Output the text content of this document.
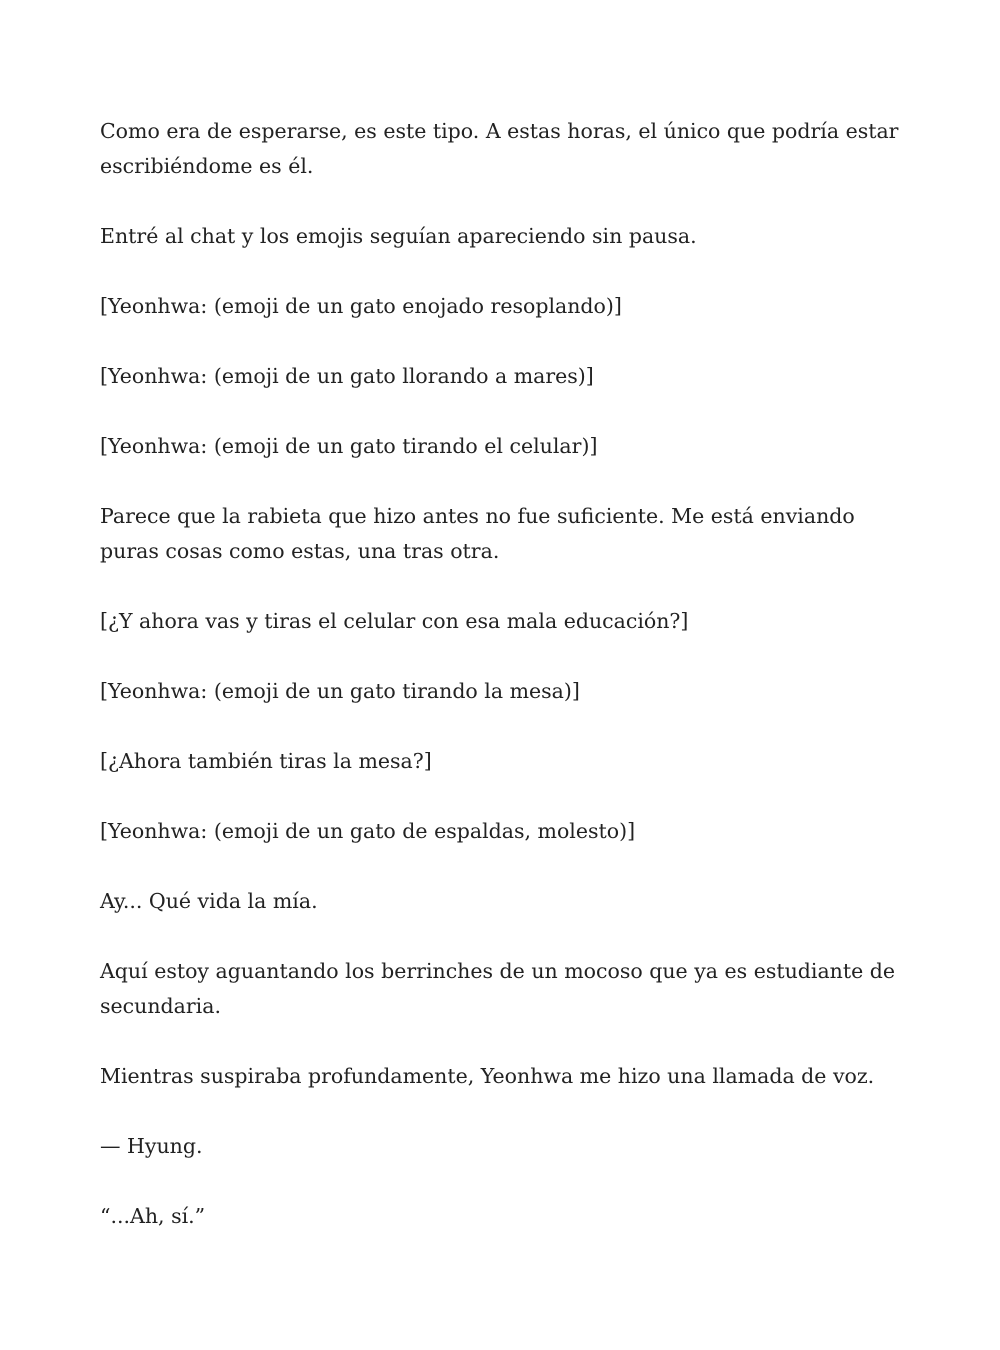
Como era de esperarse, es este tipo. A estas horas, el único que podría estar escribiéndome es él.

Entré al chat y los emojis seguían apareciendo sin pausa.

[Yeonhwa: (emoji de un gato enojado resoplando)]

[Yeonhwa: (emoji de un gato llorando a mares)]

[Yeonhwa: (emoji de un gato tirando el celular)]

Parece que la rabieta que hizo antes no fue suficiente. Me está enviando puras cosas como estas, una tras otra.

[¿Y ahora vas y tiras el celular con esa mala educación?]

[Yeonhwa: (emoji de un gato tirando la mesa)]

[¿Ahora también tiras la mesa?]

[Yeonhwa: (emoji de un gato de espaldas, molesto)]

Ay... Qué vida la mía.

Aquí estoy aguantando los berrinches de un mocoso que ya es estudiante de secundaria.

Mientras suspiraba profundamente, Yeonhwa me hizo una llamada de voz.

— Hyung.

“...Ah, sí.”
